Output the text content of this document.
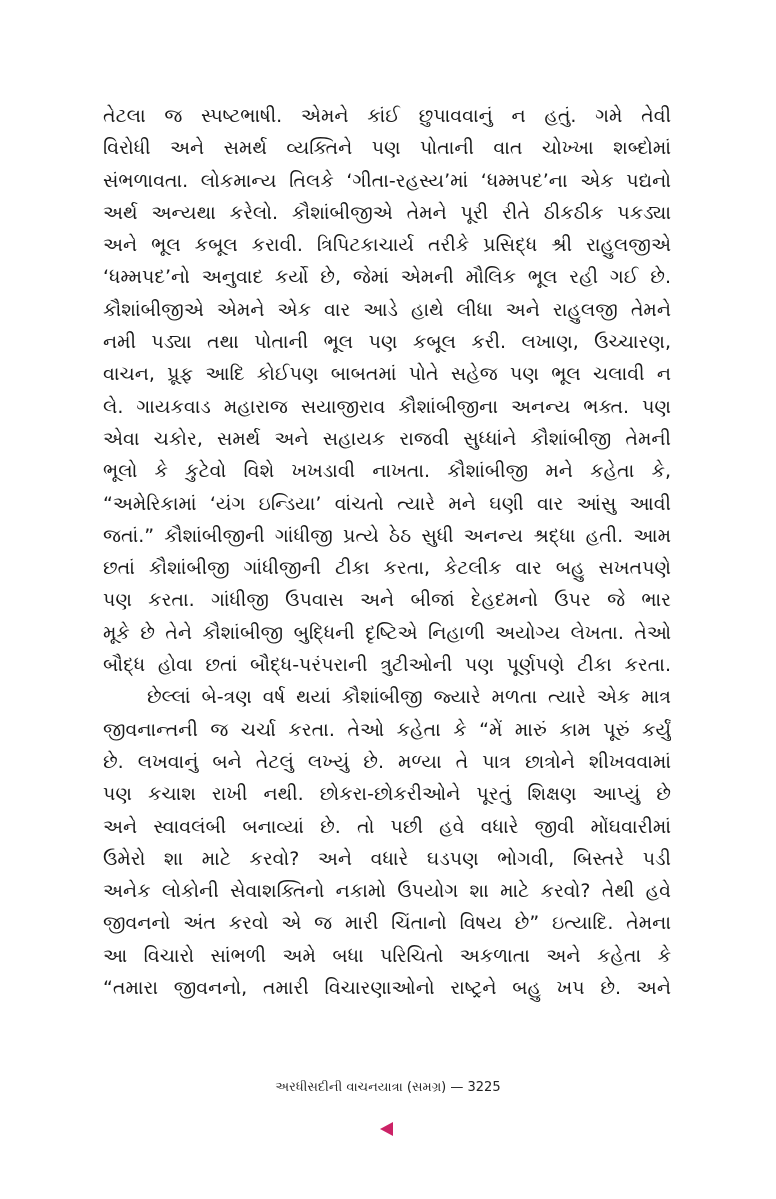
તેટલા જ સ્પષ્ટભાષી. એમને કાંઈ છુપાવવાનું ન હતું. ગમે તેવી
વિરોધી અને સમર્થ વ્યક્તિને પણ પોતાની વાત ચોખ્ખા શબ્દોમાં
સંભળાવતા. લોકમાન્ય તિલકે ‘ગીતા-રહસ્ય’માં ‘ધમ્મપદ’ના એક પદ્યનો
અર્થ અન્યથા કરેલો. કૌશાંબીજીએ તેમને પૂરી રીતે ઠીકઠીક પકડ્યા
અને ભૂલ કબૂલ કરાવી. ત્રિપિટકાચાર્ય તરીકે પ્રસિદ્ધ શ્રી રાહુલજીએ
‘ધમ્મપદ’નો અનુવાદ કર્યો છે, જેમાં એમની મૌલિક ભૂલ રહી ગઈ છે.
કૌશાંબીજીએ એમને એક વાર આડે હાથે લીધા અને રાહુલજી તેમને
નમી પડ્યા તથા પોતાની ભૂલ પણ કબૂલ કરી. લખાણ, ઉચ્ચારણ,
વાચન, પ્રૂફ આદિ કોઈપણ બાબતમાં પોતે સહેજ પણ ભૂલ ચલાવી ન
લે. ગાયકવાડ મહારાજ સયાજીરાવ કૌશાંબીજીના અનન્ય ભક્ત. પણ
એવા ચકોર, સમર્થ અને સહાયક રાજવી સુધ્ધાંને કૌશાંબીજી તેમની
ભૂલો કે કુટેવો વિશે ખખડાવી નાખતા. કૌશાંબીજી મને કહેતા કે,
“અમેરિકામાં ‘યંગ ઇન્ડિયા’ વાંચતો ત્યારે મને ઘણી વાર આંસુ આવી
જતાં.” કૌશાંબીજીની ગાંધીજી પ્રત્યે ઠેઠ સુધી અનન્ય શ્રદ્ધા હતી. આમ
છતાં કૌશાંબીજી ગાંધીજીની ટીકા કરતા, કેટલીક વાર બહુ સખતપણે
પણ કરતા. ગાંધીજી ઉપવાસ અને બીજાં દેહદમનો ઉપર જે ભાર
મૂકે છે તેને કૌશાંબીજી બુદ્ધિની દૃષ્ટિએ નિહાળી અયોગ્ય લેખતા. તેઓ
બૌદ્ધ હોવા છતાં બૌદ્ધ-પરંપરાની ત્રુટીઓની પણ પૂર્ણપણે ટીકા કરતા.
છેલ્લાં બે-ત્રણ વર્ષ થયાં કૌશાંબીજી જ્યારે મળતા ત્યારે એક માત્ર
જીવનાન્તની જ ચર્ચા કરતા. તેઓ કહેતા કે “મેં મારું કામ પૂરું કર્યું
છે. લખવાનું બને તેટલું લખ્યું છે. મળ્યા તે પાત્ર છાત્રોને શીખવવામાં
પણ કચાશ રાખી નથી. છોકરા-છોકરીઓને પૂરતું શિક્ષણ આપ્યું છે
અને સ્વાવલંબી બનાવ્યાં છે. તો પછી હવે વધારે જીવી મોંઘવારીમાં
ઉમેરો શા માટે કરવો? અને વધારે ઘડપણ ભોગવી, બિસ્તરે પડી
અનેક લોકોની સેવાશક્તિનો નકામો ઉપયોગ શા માટે કરવો? તેથી હવે
જીવનનો અંત કરવો એ જ મારી ચિંતાનો વિષય છે” ઇત્યાદિ. તેમના
આ વિચારો સાંભળી અમે બધા પરિચિતો અકળાતા અને કહેતા કે
“તમારા જીવનનો, તમારી વિચારણાઓનો રાષ્ટ્રને બહુ ખપ છે. અને
અરધીસદીની વાચનયાત્રા (સમગ્ર) — 3225
